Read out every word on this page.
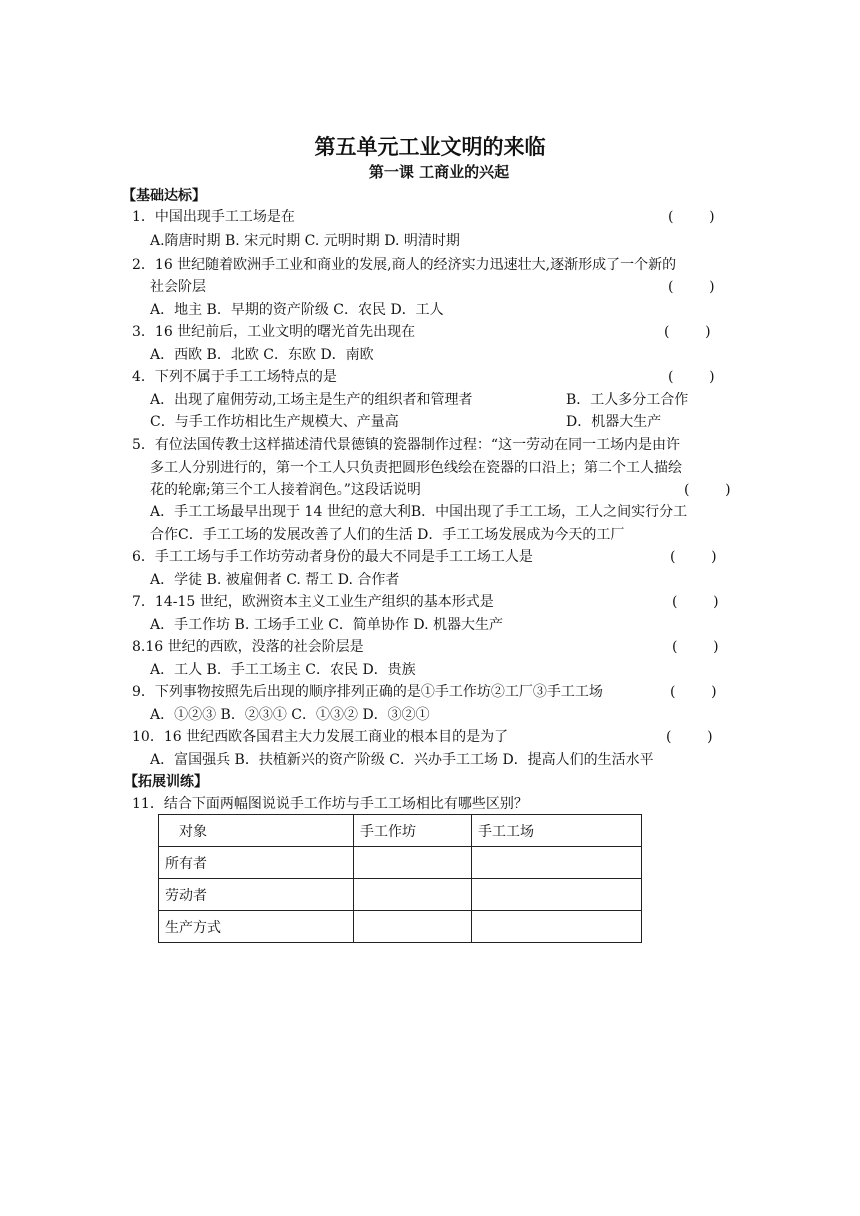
第五单元工业文明的来临
第一课 工商业的兴起
【基础达标】
1．中国出现手工工场是在	(        )
A.隋唐时期 B. 宋元时期 C. 元明时期 D. 明清时期
2．16 世纪随着欧洲手工业和商业的发展,商人的经济实力迅速壮大,逐渐形成了一个新的
社会阶层	(        )
A．地主 B．早期的资产阶级 C．农民 D．工人
3．16 世纪前后，工业文明的曙光首先出现在	(        )
A．西欧 B．北欧 C．东欧 D．南欧
4．下列不属于手工工场特点的是	(        )
A．出现了雇佣劳动,工场主是生产的组织者和管理者	B．工人多分工合作
C．与手工作坊相比生产规模大、产量高	D．机器大生产
5．有位法国传教士这样描述清代景德镇的瓷器制作过程：“这一劳动在同一工场内是由许
多工人分别进行的，第一个工人只负责把圆形色线绘在瓷器的口沿上；第二个工人描绘
花的轮廓;第三个工人接着润色。”这段话说明	(        )
A．手工工场最早出现于 14 世纪的意大利B．中国出现了手工工场，工人之间实行分工
合作C．手工工场的发展改善了人们的生活 D．手工工场发展成为今天的工厂
6．手工工场与手工作坊劳动者身份的最大不同是手工工场工人是	(        )
A．学徒 B. 被雇佣者 C. 帮工 D. 合作者
7．14-15 世纪，欧洲资本主义工业生产组织的基本形式是	(        )
A．手工作坊 B. 工场手工业 C．简单协作 D. 机器大生产
8.16 世纪的西欧，没落的社会阶层是	(        )
A．工人 B．手工工场主 C．农民 D．贵族
9．下列事物按照先后出现的顺序排列正确的是①手工作坊②工厂③手工工场	(        )
A．①②③ B．②③① C．①③② D．③②①
10．16 世纪西欧各国君主大力发展工商业的根本目的是为了	(        )
A．富国强兵 B．扶植新兴的资产阶级 C．兴办手工工场 D．提高人们的生活水平
【拓展训练】
11．结合下面两幅图说说手工作坊与手工工场相比有哪些区别？
对象	手工作坊	手工工场
所有者		
劳动者		
生产方式		
